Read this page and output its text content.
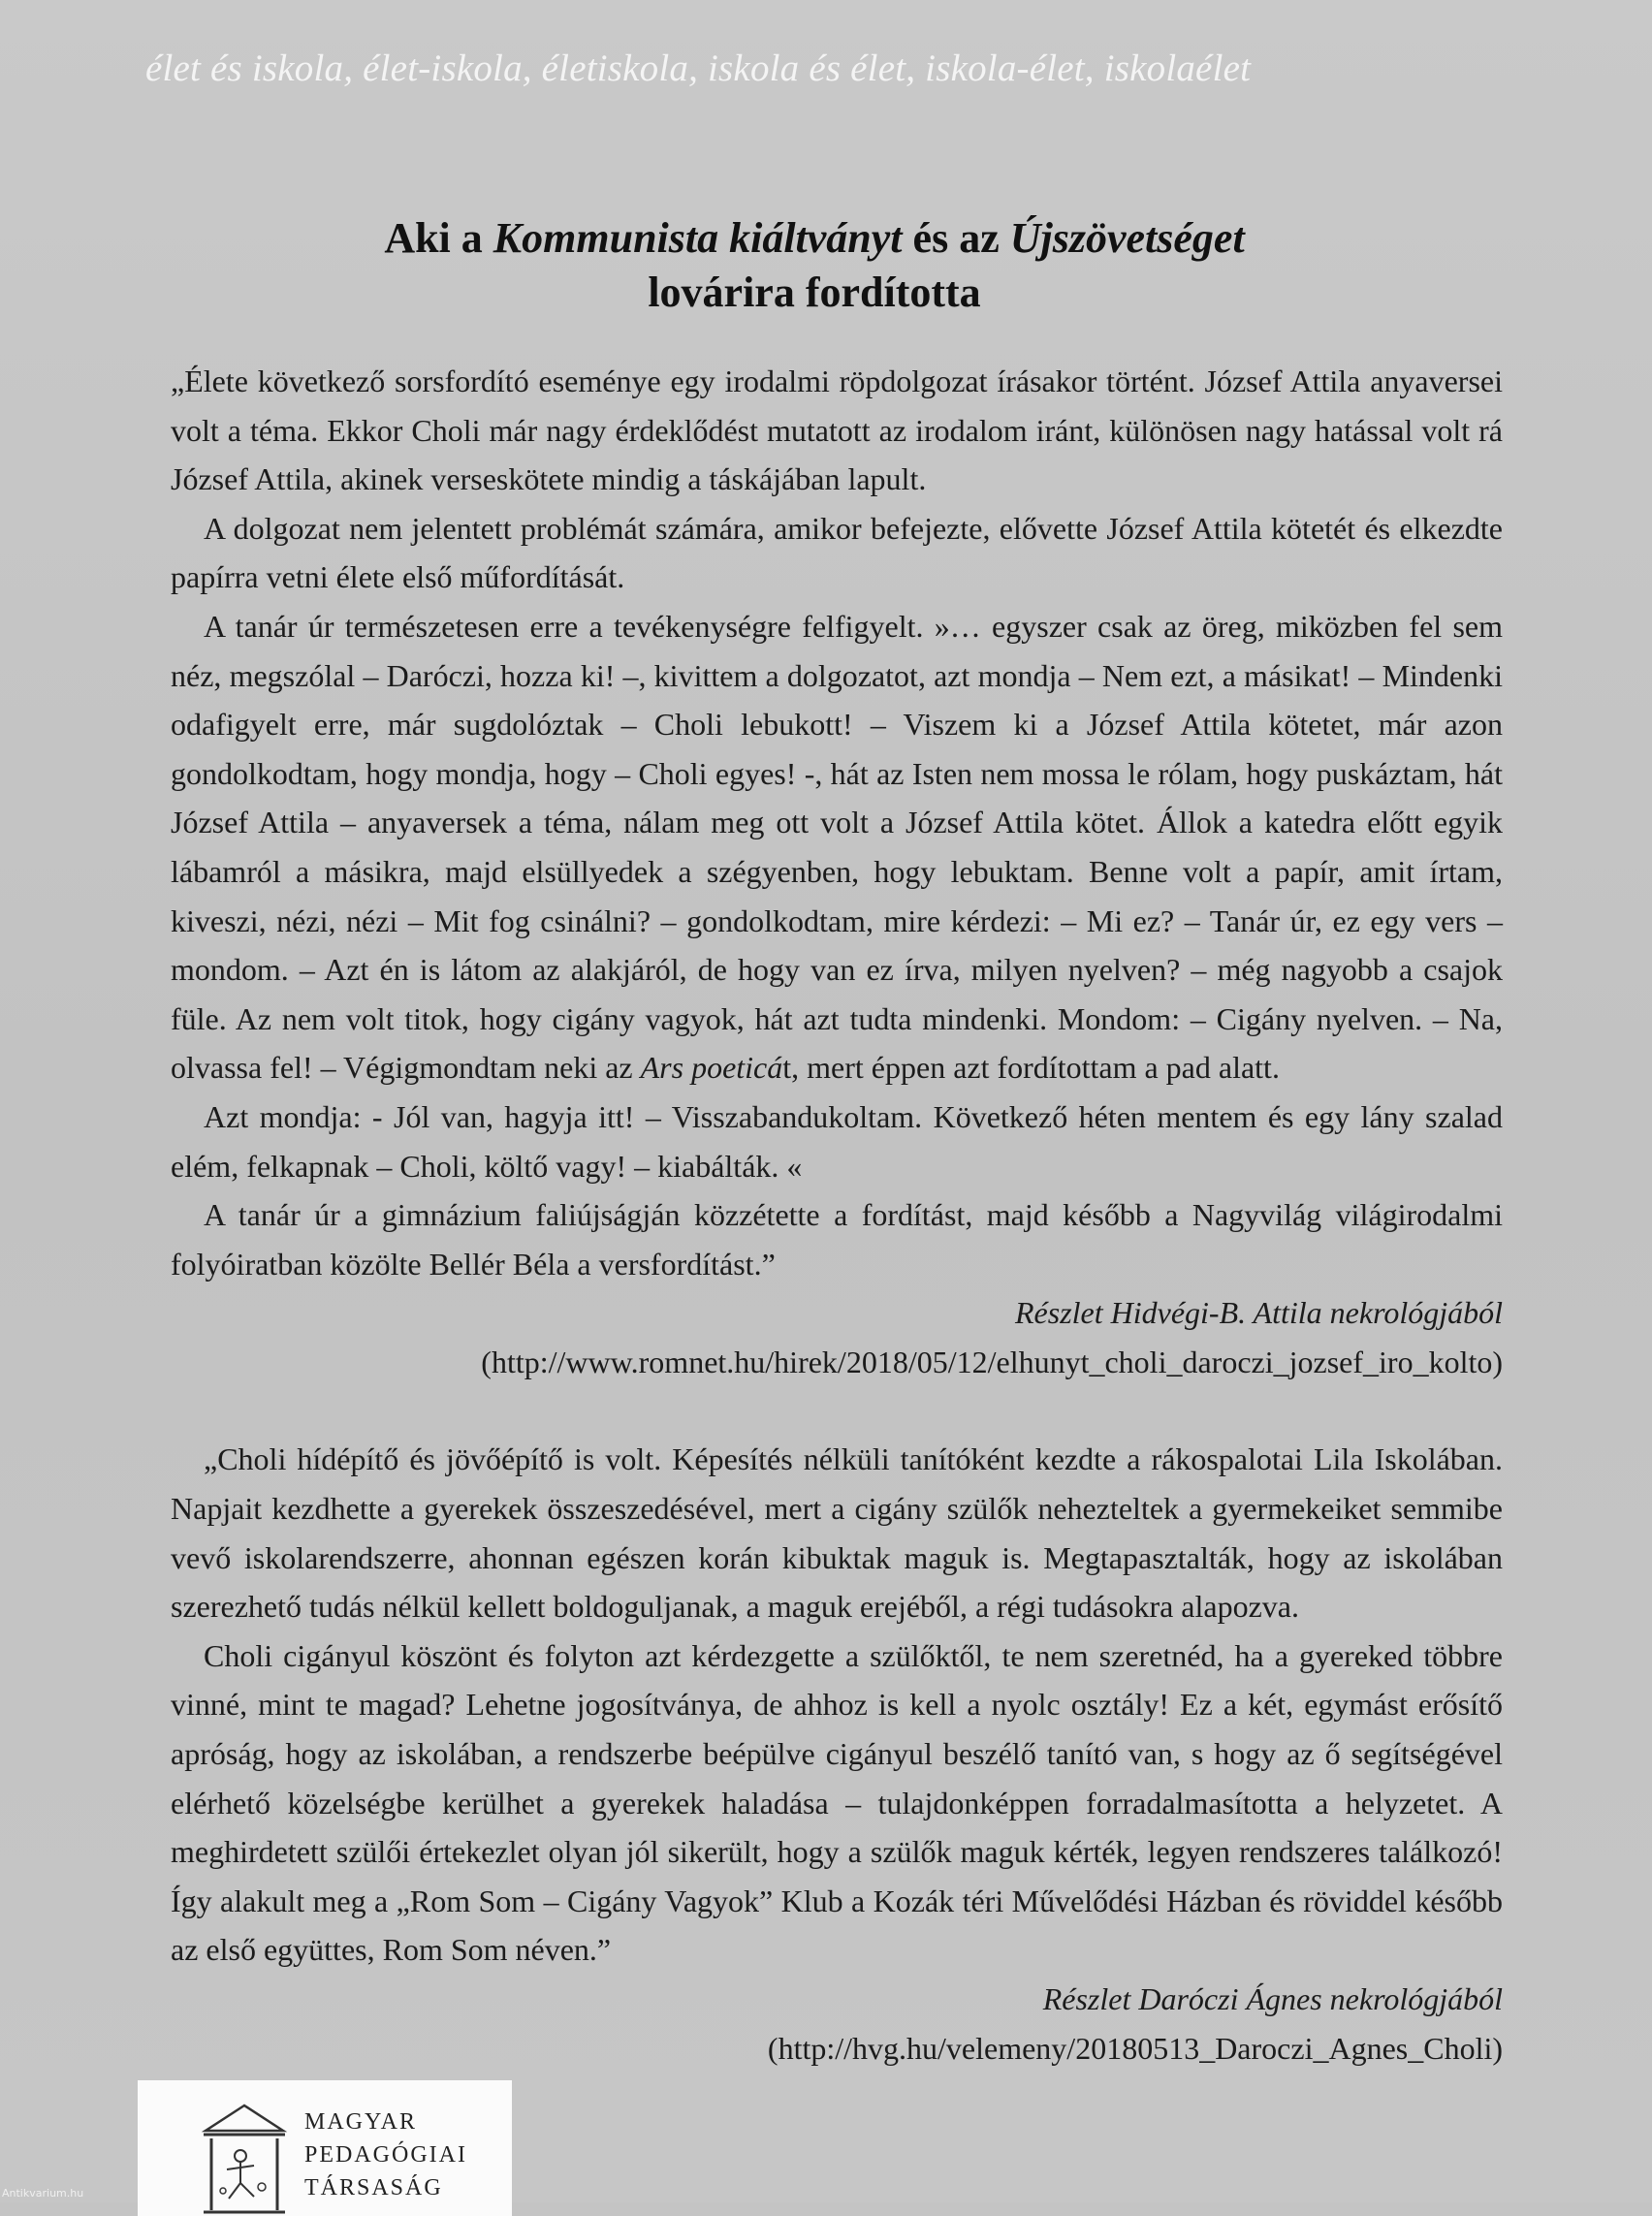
élet és iskola, élet-iskola, életiskola, iskola és élet, iskola-élet, iskolaélet
Aki a Kommunista kiáltványt és az Újszövetséget
lovárira fordította

„Élete következő sorsfordító eseménye egy irodalmi röpdolgozat írásakor történt. József Attila anyaversei volt a téma. Ekkor Choli már nagy érdeklődést mutatott az irodalom iránt, különösen nagy hatással volt rá József Attila, akinek verseskötete mindig a táskájában lapult.

A dolgozat nem jelentett problémát számára, amikor befejezte, elővette József Attila kötetét és elkezdte papírra vetni élete első műfordítását.

A tanár úr természetesen erre a tevékenységre felfigyelt. »… egyszer csak az öreg, miközben fel sem néz, megszólal – Daróczi, hozza ki! –, kivittem a dolgozatot, azt mondja – Nem ezt, a másikat! – Mindenki odafigyelt erre, már sugdolóztak – Choli lebukott! – Viszem ki a József Attila kötetet, már azon gondolkodtam, hogy mondja, hogy – Choli egyes! -, hát az Isten nem mossa le rólam, hogy puskáztam, hát József Attila – anyaversek a téma, nálam meg ott volt a József Attila kötet. Állok a katedra előtt egyik lábamról a másikra, majd elsüllyedek a szégyenben, hogy lebuktam. Benne volt a papír, amit írtam, kiveszi, nézi, nézi – Mit fog csinálni? – gondolkodtam, mire kérdezi: – Mi ez? – Tanár úr, ez egy vers – mondom. – Azt én is látom az alakjáról, de hogy van ez írva, milyen nyelven? – még nagyobb a csajok füle. Az nem volt titok, hogy cigány vagyok, hát azt tudta mindenki. Mondom: – Cigány nyelven. – Na, olvassa fel! – Végigmondtam neki az Ars poeticát, mert éppen azt fordítottam a pad alatt.

Azt mondja: - Jól van, hagyja itt! – Visszabandukoltam. Következő héten mentem és egy lány szalad elém, felkapnak – Choli, költő vagy! – kiabálták. «

A tanár úr a gimnázium faliújságján közzétette a fordítást, majd később a Nagyvilág világirodalmi folyóiratban közölte Bellér Béla a versfordítást.”

Részlet Hidvégi-B. Attila nekrológjából

(http://www.romnet.hu/hirek/2018/05/12/elhunyt_choli_daroczi_jozsef_iro_kolto)

„Choli hídépítő és jövőépítő is volt. Képesítés nélküli tanítóként kezdte a rákospalotai Lila Iskolában. Napjait kezdhette a gyerekek összeszedésével, mert a cigány szülők nehezteltek a gyermekeiket semmibe vevő iskolarendszerre, ahonnan egészen korán kibuktak maguk is. Megtapasztalták, hogy az iskolában szerezhető tudás nélkül kellett boldoguljanak, a maguk erejéből, a régi tudásokra alapozva.

Choli cigányul köszönt és folyton azt kérdezgette a szülőktől, te nem szeretnéd, ha a gyereked többre vinné, mint te magad? Lehetne jogosítványa, de ahhoz is kell a nyolc osztály! Ez a két, egymást erősítő apróság, hogy az iskolában, a rendszerbe beépülve cigányul beszélő tanító van, s hogy az ő segítségével elérhető közelségbe kerülhet a gyerekek haladása – tulajdonképpen forradalmasította a helyzetet. A meghirdetett szülői értekezlet olyan jól sikerült, hogy a szülők maguk kérték, legyen rendszeres találkozó! Így alakult meg a „Rom Som – Cigány Vagyok” Klub a Kozák téri Művelődési Házban és röviddel később az első együttes, Rom Som néven.”

Részlet Daróczi Ágnes nekrológjából

(http://hvg.hu/velemeny/20180513_Daroczi_Agnes_Choli)

MAGYAR
PEDAGÓGIAI
TÁRSASÁG
Antikvarium.hu
